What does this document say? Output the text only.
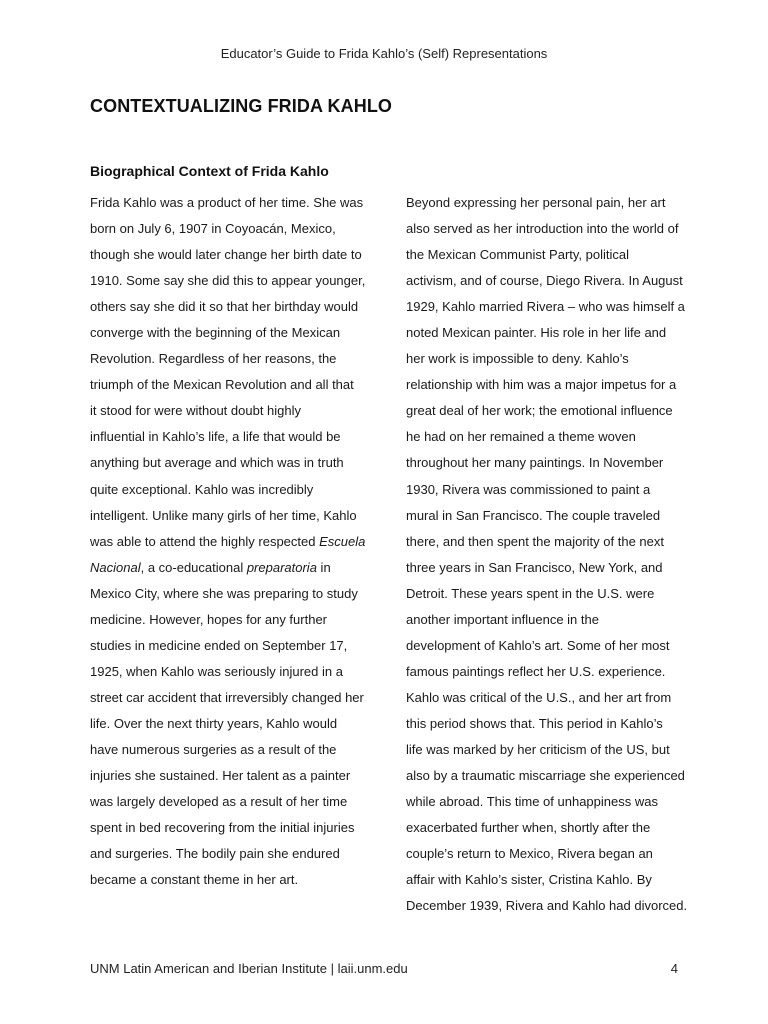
Educator’s Guide to Frida Kahlo’s (Self) Representations
CONTEXTUALIZING FRIDA KAHLO
Biographical Context of Frida Kahlo
Frida Kahlo was a product of her time. She was
born on July 6, 1907 in Coyoacán, Mexico,
though she would later change her birth date to
1910. Some say she did this to appear younger,
others say she did it so that her birthday would
converge with the beginning of the Mexican
Revolution. Regardless of her reasons, the
triumph of the Mexican Revolution and all that
it stood for were without doubt highly
influential in Kahlo’s life, a life that would be
anything but average and which was in truth
quite exceptional. Kahlo was incredibly
intelligent. Unlike many girls of her time, Kahlo
was able to attend the highly respected Escuela
Nacional, a co-educational preparatoria in
Mexico City, where she was preparing to study
medicine. However, hopes for any further
studies in medicine ended on September 17,
1925, when Kahlo was seriously injured in a
street car accident that irreversibly changed her
life. Over the next thirty years, Kahlo would
have numerous surgeries as a result of the
injuries she sustained. Her talent as a painter
was largely developed as a result of her time
spent in bed recovering from the initial injuries
and surgeries. The bodily pain she endured
became a constant theme in her art.
Beyond expressing her personal pain, her art
also served as her introduction into the world of
the Mexican Communist Party, political
activism, and of course, Diego Rivera. In August
1929, Kahlo married Rivera – who was himself a
noted Mexican painter. His role in her life and
her work is impossible to deny. Kahlo’s
relationship with him was a major impetus for a
great deal of her work; the emotional influence
he had on her remained a theme woven
throughout her many paintings. In November
1930, Rivera was commissioned to paint a
mural in San Francisco. The couple traveled
there, and then spent the majority of the next
three years in San Francisco, New York, and
Detroit. These years spent in the U.S. were
another important influence in the
development of Kahlo’s art. Some of her most
famous paintings reflect her U.S. experience.
Kahlo was critical of the U.S., and her art from
this period shows that. This period in Kahlo’s
life was marked by her criticism of the US, but
also by a traumatic miscarriage she experienced
while abroad. This time of unhappiness was
exacerbated further when, shortly after the
couple’s return to Mexico, Rivera began an
affair with Kahlo’s sister, Cristina Kahlo. By
December 1939, Rivera and Kahlo had divorced.
UNM Latin American and Iberian Institute | laii.unm.edu	4
